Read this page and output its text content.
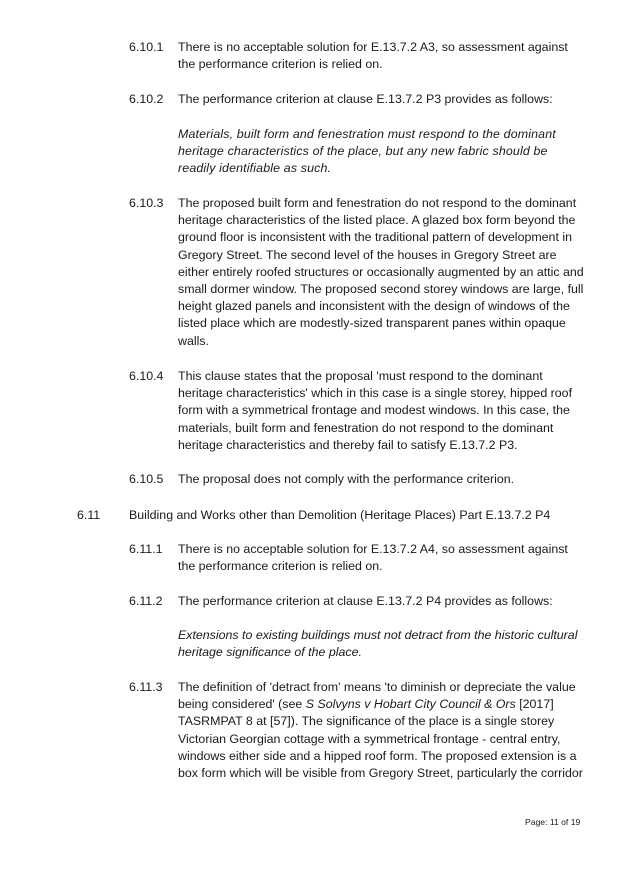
6.10.1 There is no acceptable solution for E.13.7.2 A3, so assessment against the performance criterion is relied on.
6.10.2 The performance criterion at clause E.13.7.2 P3 provides as follows:
Materials, built form and fenestration must respond to the dominant heritage characteristics of the place, but any new fabric should be readily identifiable as such.
6.10.3 The proposed built form and fenestration do not respond to the dominant heritage characteristics of the listed place. A glazed box form beyond the ground floor is inconsistent with the traditional pattern of development in Gregory Street. The second level of the houses in Gregory Street are either entirely roofed structures or occasionally augmented by an attic and small dormer window. The proposed second storey windows are large, full height glazed panels and inconsistent with the design of windows of the listed place which are modestly-sized transparent panes within opaque walls.
6.10.4 This clause states that the proposal 'must respond to the dominant heritage characteristics' which in this case is a single storey, hipped roof form with a symmetrical frontage and modest windows. In this case, the materials, built form and fenestration do not respond to the dominant heritage characteristics and thereby fail to satisfy E.13.7.2 P3.
6.10.5 The proposal does not comply with the performance criterion.
6.11 Building and Works other than Demolition (Heritage Places) Part E.13.7.2 P4
6.11.1 There is no acceptable solution for E.13.7.2 A4, so assessment against the performance criterion is relied on.
6.11.2 The performance criterion at clause E.13.7.2 P4 provides as follows:
Extensions to existing buildings must not detract from the historic cultural heritage significance of the place.
6.11.3 The definition of 'detract from' means 'to diminish or depreciate the value being considered' (see S Solvyns v Hobart City Council & Ors [2017] TASRMPAT 8 at [57]). The significance of the place is a single storey Victorian Georgian cottage with a symmetrical frontage - central entry, windows either side and a hipped roof form. The proposed extension is a box form which will be visible from Gregory Street, particularly the corridor
Page: 11 of 19
